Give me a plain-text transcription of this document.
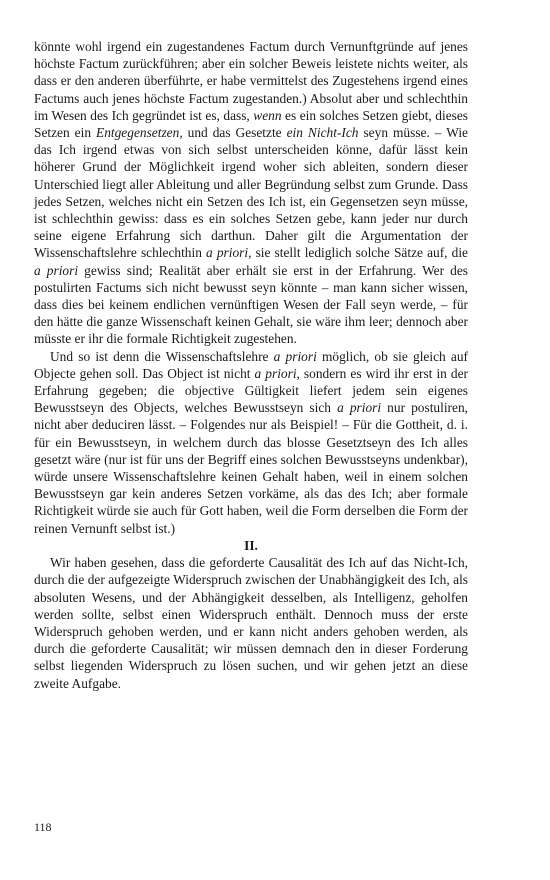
könnte wohl irgend ein zugestandenes Factum durch Vernunftgründe auf jenes höchste Factum zurückführen; aber ein solcher Beweis leistete nichts weiter, als dass er den anderen überführte, er habe vermittelst des Zugestehens irgend eines Factums auch jenes höchste Factum zugestanden.) Absolut aber und schlechthin im Wesen des Ich gegründet ist es, dass, wenn es ein solches Setzen giebt, dieses Setzen ein Entgegensetzen, und das Gesetzte ein Nicht-Ich seyn müsse. – Wie das Ich irgend etwas von sich selbst unterscheiden könne, dafür lässt kein höherer Grund der Möglichkeit irgend woher sich ableiten, sondern dieser Unterschied liegt aller Ableitung und aller Begründung selbst zum Grunde. Dass jedes Setzen, welches nicht ein Setzen des Ich ist, ein Gegensetzen seyn müsse, ist schlechthin gewiss: dass es ein solches Setzen gebe, kann jeder nur durch seine eigene Erfahrung sich darthun. Daher gilt die Argumentation der Wissenschaftslehre schlechthin a priori, sie stellt lediglich solche Sätze auf, die a priori gewiss sind; Realität aber erhält sie erst in der Erfahrung. Wer des postulirten Factums sich nicht bewusst seyn könnte – man kann sicher wissen, dass dies bei keinem endlichen vernünftigen Wesen der Fall seyn werde, – für den hätte die ganze Wissenschaft keinen Gehalt, sie wäre ihm leer; dennoch aber müsste er ihr die formale Richtigkeit zugestehen.

Und so ist denn die Wissenschaftslehre a priori möglich, ob sie gleich auf Objecte gehen soll. Das Object ist nicht a priori, sondern es wird ihr erst in der Erfahrung gegeben; die objective Gültigkeit liefert jedem sein eigenes Bewusstseyn des Objects, welches Bewusstseyn sich a priori nur postuliren, nicht aber deduciren lässt. – Folgendes nur als Beispiel! – Für die Gottheit, d. i. für ein Bewusstseyn, in welchem durch das blosse Gesetztseyn des Ich alles gesetzt wäre (nur ist für uns der Begriff eines solchen Bewusstseyns undenkbar), würde unsere Wissenschaftslehre keinen Gehalt haben, weil in einem solchen Bewusstseyn gar kein anderes Setzen vorkäme, als das des Ich; aber formale Richtigkeit würde sie auch für Gott haben, weil die Form derselben die Form der reinen Vernunft selbst ist.)

II.

Wir haben gesehen, dass die geforderte Causalität des Ich auf das Nicht-Ich, durch die der aufgezeigte Widerspruch zwischen der Unabhängigkeit des Ich, als absoluten Wesens, und der Abhängigkeit desselben, als Intelligenz, geholfen werden sollte, selbst einen Widerspruch enthält. Dennoch muss der erste Widerspruch gehoben werden, und er kann nicht anders gehoben werden, als durch die geforderte Causalität; wir müssen demnach den in dieser Forderung selbst liegenden Widerspruch zu lösen suchen, und wir gehen jetzt an diese zweite Aufgabe.

118
